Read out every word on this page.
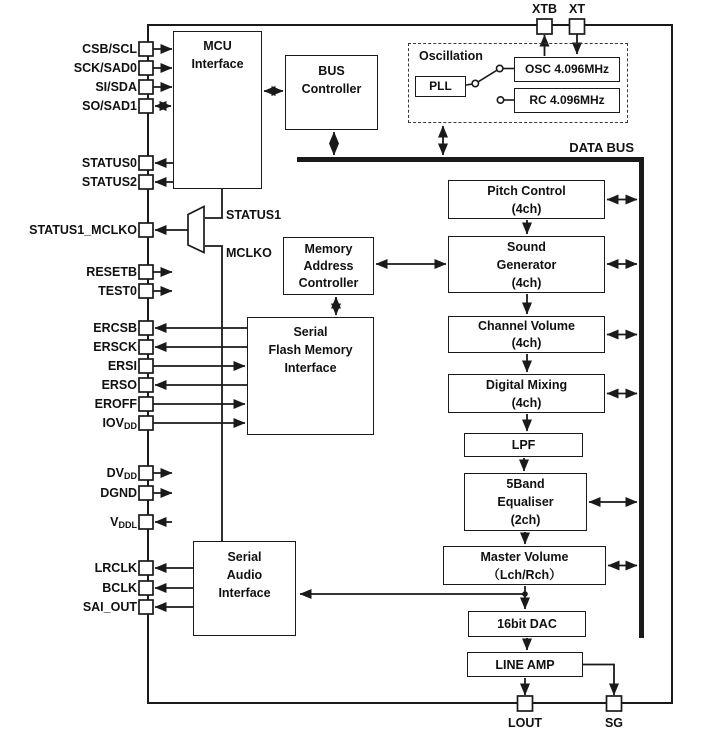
Oscillation
MCU
Interface	BUS
Controller	PLL
OSC 4.096MHz
RC 4.096MHz
Memory
Address
Controller
Serial
Flash Memory
Interface
Serial
Audio
Interface
Pitch Control
(4ch)
Sound
Generator
(4ch)
Channel Volume
(4ch)
Digital Mixing
(4ch)
LPF
5Band
Equaliser
(2ch)
Master Volume
（Lch/Rch）
16bit DAC
LINE AMP
CSB/SCL
SCK/SAD0
SI/SDA
SO/SAD1
STATUS0
STATUS2
STATUS1_MCLKO
RESETB
TEST0
ERCSB
ERSCK
ERSI
ERSO
EROFF
$IOV_{DD}$
$DV_{DD}$
DGND
$V_{DDL}$
LRCLK
BCLK
SAI_OUT
XTB XT
LOUT	SG
DATA BUS
STATUS1
MCLKO
